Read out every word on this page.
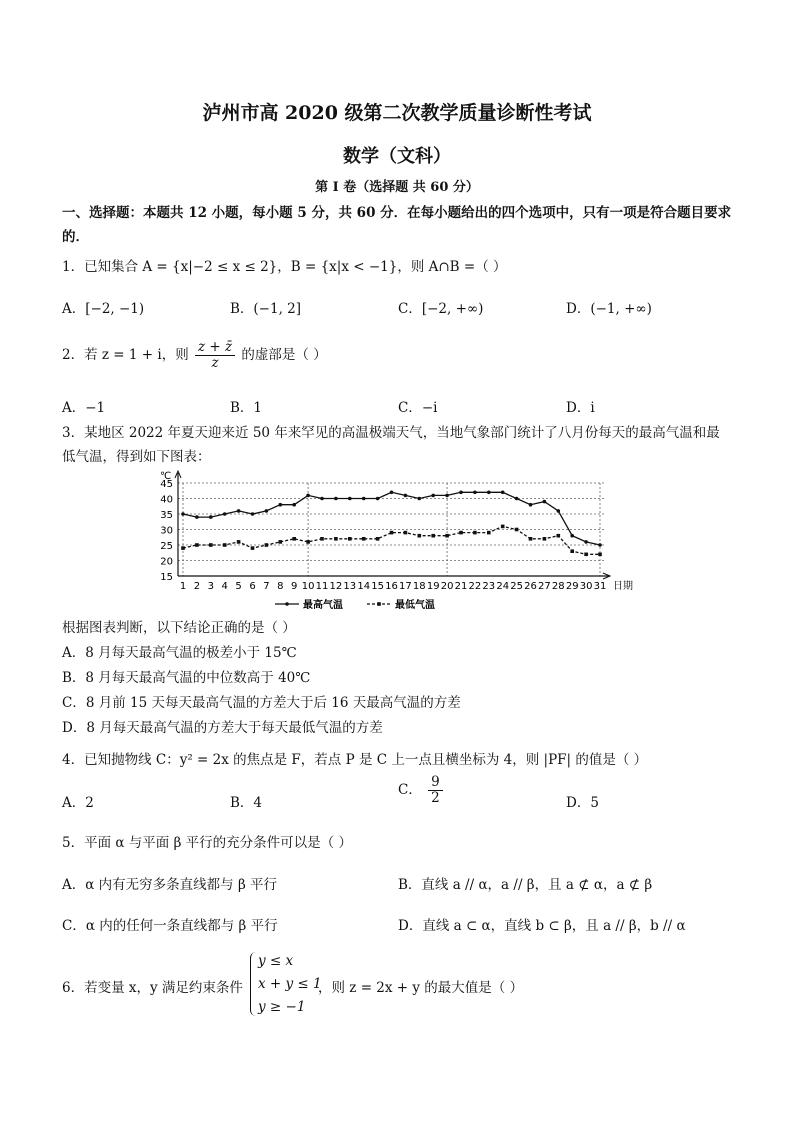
泸州市高 2020 级第二次教学质量诊断性考试
数学（文科）
第 I 卷（选择题 共 60 分）
一、选择题：本题共 12 小题，每小题 5 分，共 60 分．在每小题给出的四个选项中，只有一项是符合题目要求的．
1．已知集合 A = {x|−2 ≤ x ≤ 2}，B = {x|x < −1}，则 A∩B =（ ）
A．[−2, −1)	B．(−1, 2]	C．[−2, +∞)	D．(−1, +∞)
2．若 z = 1 + i，则 $\frac{z + z̄}{z}$ 的虚部是（ ）
A．−1	B．1	C．−i	D．i
3．某地区 2022 年夏天迎来近 50 年来罕见的高温极端天气，当地气象部门统计了八月份每天的最高气温和最
低气温，得到如下图表：
15
20
25
30
35
40
45
℃
1 2 3 4 5 6 7 8 9 10 11 12 13 14 15 16 17 18 19 20 21 22 23 24 25 26 27 28 29 30 31 日期
最高气温	最低气温
根据图表判断，以下结论正确的是（ ）
A．8 月每天最高气温的极差小于 15℃
B．8 月每天最高气温的中位数高于 40℃
C．8 月前 15 天每天最高气温的方差大于后 16 天最高气温的方差
D．8 月每天最高气温的方差大于每天最低气温的方差
4．已知抛物线 C：y² = 2x 的焦点是 F，若点 P 是 C 上一点且横坐标为 4，则 |PF| 的值是（ ）
A．2	B．4
C． $\frac{9}{2}$	D．5
5．平面 α 与平面 β 平行的充分条件可以是（ ）
A．α 内有无穷多条直线都与 β 平行	B．直线 a // α，a // β，且 a ⊄ α，a ⊄ β
C．α 内的任何一条直线都与 β 平行	D．直线 a ⊂ α，直线 b ⊂ β，且 a // β，b // α
6．若变量 x，y 满足约束条件
y ≤ x
x + y ≤ 1
y ≥ −1
，则 z = 2x + y 的最大值是（ ）
